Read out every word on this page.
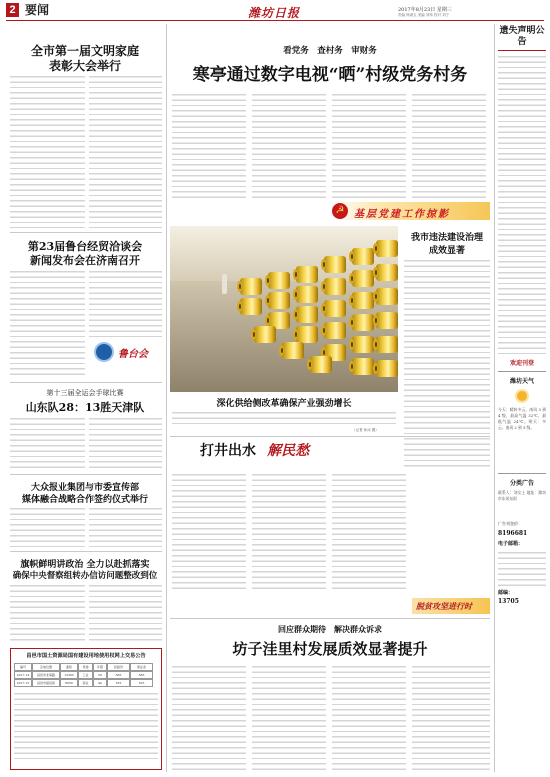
2 要闻	潍坊日报	2017年8月23日 星期三
责编 杨淑玉 美编 刘玮 校对 刘宁
全市第一届文明家庭
表彰大会举行
第23届鲁台经贸洽谈会
新闻发布会在济南召开
鲁台会
第十三届全运会手球比赛
山东队28：13胜天津队
大众报业集团与市委宣传部
媒体融合战略合作签约仪式举行
旗帜鲜明讲政治 全力以赴抓落实
确保中央督察组转办信访问题整改到位
昌邑市国土资源局国有建设用地使用权网上交易公告
编号	宗地位置	面积	用途	年限	起始价	保证金
2017-14	昌邑市北海路	12365	工业	50	386	386
2017-15	昌邑市富昌街	8650	商业	40	525	525
看党务　查村务　审财务
寒亭通过数字电视“晒”村级党务村务
☭ 基层党建工作掠影
我市违法建设治理
成效显著
深化供给侧改革确保产业强劲增长
（记者 孙冰 摄）
打井出水 解民愁
脱贫攻坚进行时
回应群众期待　解决群众诉求
坊子洼里村发展质效显著提升
遗失声明公告
欢迎刊登
潍坊天气
今天：晴转多云，南风 3 到 4 级，最高气温 32℃，最低气温 24℃。明天：多云，南风 2 到 3 级。
分类广告
联系人：刘女士 地址：潍坊市东风东街
广告刊登价：
8196681
电子邮箱：
邮编：
13705
